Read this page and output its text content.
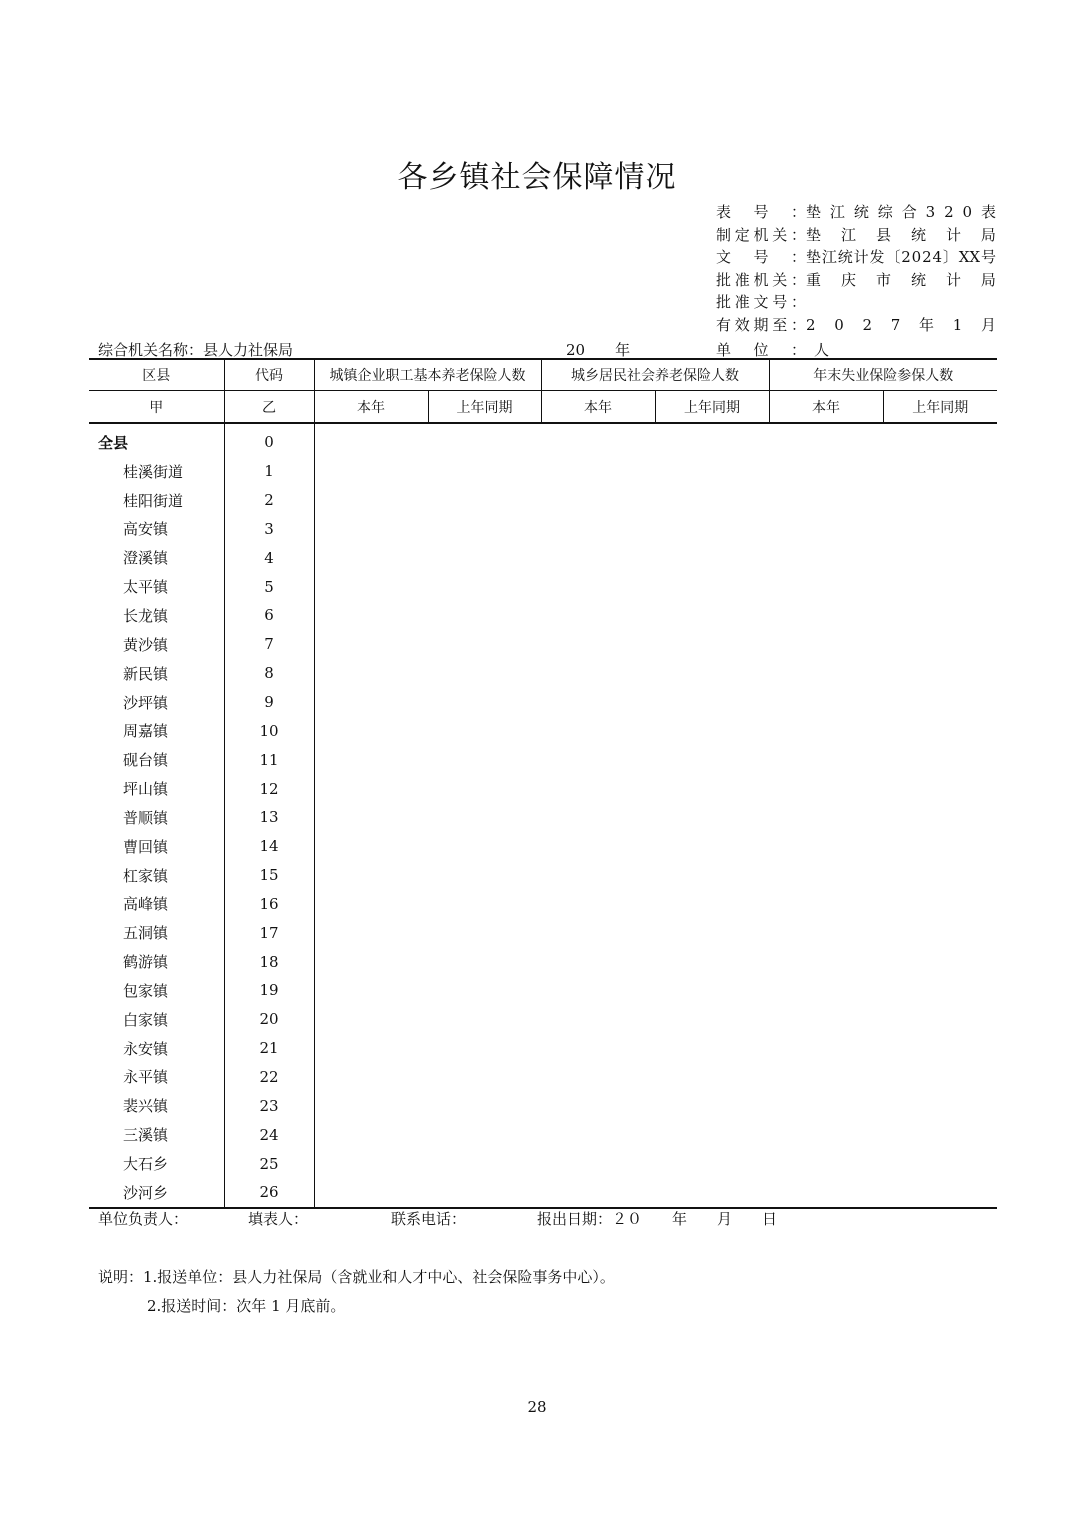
各乡镇社会保障情况
表 号 ： 垫 江 统 综 合 3 2 0 表
制 定 机 关 ： 垫 江 县 统 计 局
文 号 ： 垫 江 统 计 发 〔 2 0 2 4 〕 XX 号
批 准 机 关 ： 重 庆 市 统 计 局
批 准 文 号 ：
有 效 期 至 ： 2 0 2 7 年 1 月
综合机关名称：县人力社保局	20　　年	单 位 ： 人
区县	代码	城镇企业职工基本养老保险人数		城乡居民社会养老保险人数		年末失业保险参保人数	
甲	乙	本年	上年同期	本年	上年同期	本年	上年同期
全县	0						
桂溪街道	1						
桂阳街道	2						
高安镇	3						
澄溪镇	4						
太平镇	5						
长龙镇	6						
黄沙镇	7						
新民镇	8						
沙坪镇	9						
周嘉镇	10						
砚台镇	11						
坪山镇	12						
普顺镇	13						
曹回镇	14						
杠家镇	15						
高峰镇	16						
五洞镇	17						
鹤游镇	18						
包家镇	19						
白家镇	20						
永安镇	21						
永平镇	22						
裴兴镇	23						
三溪镇	24						
大石乡	25						
沙河乡	26						
单位负责人：	填表人：	联系电话：	报出日期：２０　　年　　月　　日
说明：1.报送单位：县人力社保局（含就业和人才中心、社会保险事务中心）。
2.报送时间：次年 1 月底前。
28
